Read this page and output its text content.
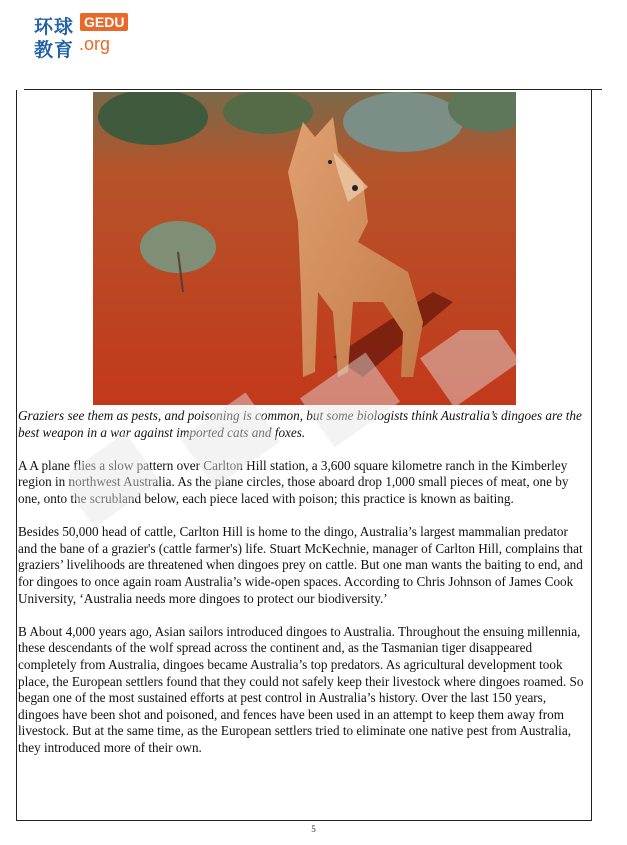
环球 GEDU
教育 .org

Graziers see them as pests, and poisoning is common, but some biologists think Australia’s dingoes are the best weapon in a war against imported cats and foxes.

A A plane flies a slow pattern over Carlton Hill station, a 3,600 square kilometre ranch in the Kimberley region in northwest Australia. As the plane circles, those aboard drop 1,000 small pieces of meat, one by one, onto the scrubland below, each piece laced with poison; this practice is known as baiting.

Besides 50,000 head of cattle, Carlton Hill is home to the dingo, Australia’s largest mammalian predator and the bane of a grazier's (cattle farmer's) life. Stuart McKechnie, manager of Carlton Hill, complains that graziers’ livelihoods are threatened when dingoes prey on cattle. But one man wants the baiting to end, and for dingoes to once again roam Australia’s wide-open spaces. According to Chris Johnson of James Cook University, ‘Australia needs more dingoes to protect our biodiversity.’

B About 4,000 years ago, Asian sailors introduced dingoes to Australia. Throughout the ensuing millennia, these descendants of the wolf spread across the continent and, as the Tasmanian tiger disappeared completely from Australia, dingoes became Australia’s top predators. As agricultural development took place, the European settlers found that they could not safely keep their livestock where dingoes roamed. So began one of the most sustained efforts at pest control in Australia’s history. Over the last 150 years, dingoes have been shot and poisoned, and fences have been used in an attempt to keep them away from livestock. But at the same time, as the European settlers tried to eliminate one native pest from Australia, they introduced more of their own.

5
